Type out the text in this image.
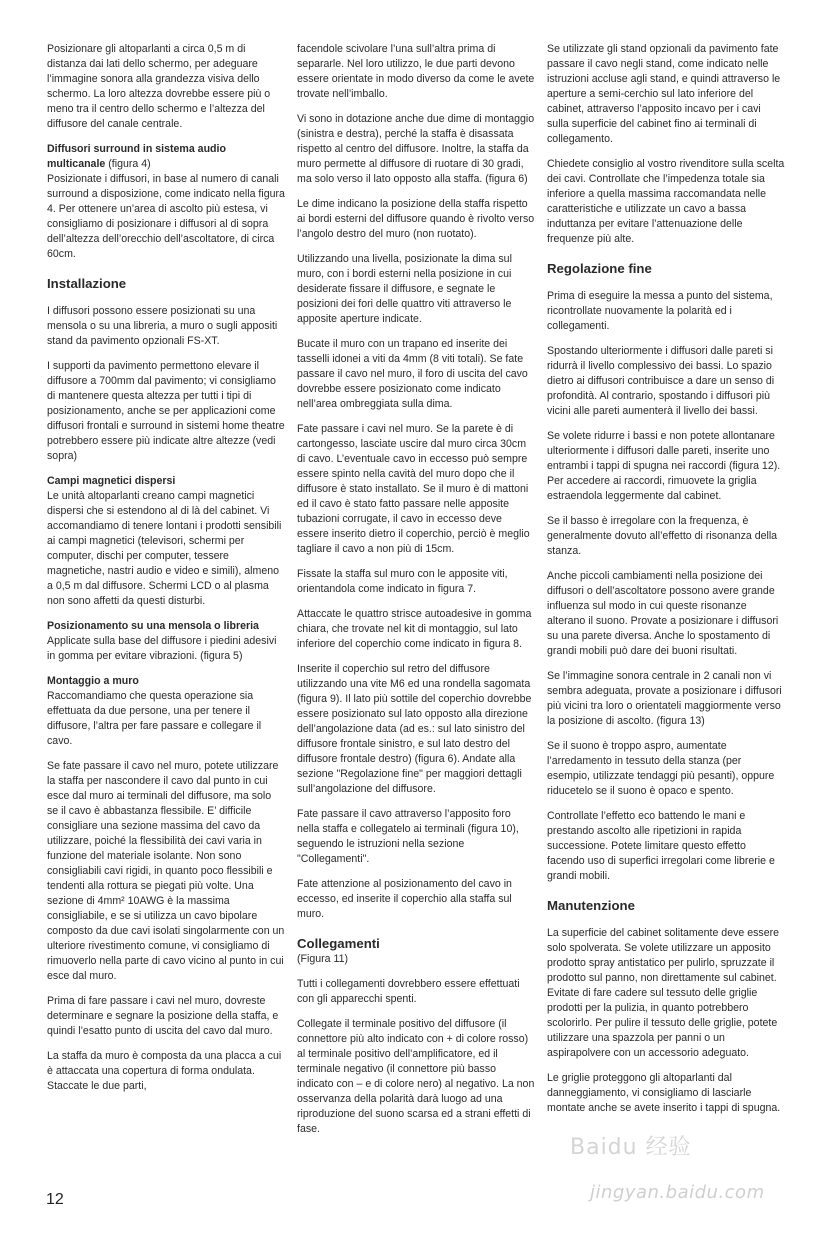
Posizionare gli altoparlanti a circa 0,5 m di distanza dai lati dello schermo, per adeguare l’immagine sonora alla grandezza visiva dello schermo. La loro altezza dovrebbe essere più o meno tra il centro dello schermo e l’altezza del diffusore del canale centrale.

Diffusori surround in sistema audio multicanale (figura 4)

Posizionate i diffusori, in base al numero di canali surround a disposizione, come indicato nella figura 4. Per ottenere un’area di ascolto più estesa, vi consigliamo di posizionare i diffusori al di sopra dell’altezza dell’orecchio dell’ascoltatore, di circa 60cm.

Installazione

I diffusori possono essere posizionati su una mensola o su una libreria, a muro o sugli appositi stand da pavimento opzionali FS-XT.

I supporti da pavimento permettono elevare il diffusore a 700mm dal pavimento; vi consigliamo di mantenere questa altezza per tutti i tipi di posizionamento, anche se per applicazioni come diffusori frontali e surround in sistemi home theatre potrebbero essere più indicate altre altezze (vedi sopra)

Campi magnetici dispersi

Le unità altoparlanti creano campi magnetici dispersi che si estendono al di là del cabinet. Vi accomandiamo di tenere lontani i prodotti sensibili ai campi magnetici (televisori, schermi per computer, dischi per computer, tessere magnetiche, nastri audio e video e simili), almeno a 0,5 m dal diffusore. Schermi LCD o al plasma non sono affetti da questi disturbi.

Posizionamento su una mensola o libreria

Applicate sulla base del diffusore i piedini adesivi in gomma per evitare vibrazioni. (figura 5)

Montaggio a muro

Raccomandiamo che questa operazione sia effettuata da due persone, una per tenere il diffusore, l’altra per fare passare e collegare il cavo.

Se fate passare il cavo nel muro, potete utilizzare la staffa per nascondere il cavo dal punto in cui esce dal muro ai terminali del diffusore, ma solo se il cavo è abbastanza flessibile. E’ difficile consigliare una sezione massima del cavo da utilizzare, poiché la flessibilità dei cavi varia in funzione del materiale isolante. Non sono consigliabili cavi rigidi, in quanto poco flessibili e tendenti alla rottura se piegati più volte. Una sezione di 4mm² 10AWG è la massima consigliabile, e se si utilizza un cavo bipolare composto da due cavi isolati singolarmente con un ulteriore rivestimento comune, vi consigliamo di rimuoverlo nella parte di cavo vicino al punto in cui esce dal muro.

Prima di fare passare i cavi nel muro, dovreste determinare e segnare la posizione della staffa, e quindi l’esatto punto di uscita del cavo dal muro.

La staffa da muro è composta da una placca a cui è attaccata una copertura di forma ondulata. Staccate le due parti,

facendole scivolare l’una sull’altra prima di separarle. Nel loro utilizzo, le due parti devono essere orientate in modo diverso da come le avete trovate nell’imballo.

Vi sono in dotazione anche due dime di montaggio (sinistra e destra), perché la staffa è disassata rispetto al centro del diffusore. Inoltre, la staffa da muro permette al diffusore di ruotare di 30 gradi, ma solo verso il lato opposto alla staffa. (figura 6)

Le dime indicano la posizione della staffa rispetto ai bordi esterni del diffusore quando è rivolto verso l’angolo destro del muro (non ruotato).

Utilizzando una livella, posizionate la dima sul muro, con i bordi esterni nella posizione in cui desiderate fissare il diffusore, e segnate le posizioni dei fori delle quattro viti attraverso le apposite aperture indicate.

Bucate il muro con un trapano ed inserite dei tasselli idonei a viti da 4mm (8 viti totali). Se fate passare il cavo nel muro, il foro di uscita del cavo dovrebbe essere posizionato come indicato nell’area ombreggiata sulla dima.

Fate passare i cavi nel muro. Se la parete è di cartongesso, lasciate uscire dal muro circa 30cm di cavo. L’eventuale cavo in eccesso può sempre essere spinto nella cavità del muro dopo che il diffusore è stato installato. Se il muro è di mattoni ed il cavo è stato fatto passare nelle apposite tubazioni corrugate, il cavo in eccesso deve essere inserito dietro il coperchio, perciò è meglio tagliare il cavo a non più di 15cm.

Fissate la staffa sul muro con le apposite viti, orientandola come indicato in figura 7.

Attaccate le quattro strisce autoadesive in gomma chiara, che trovate nel kit di montaggio, sul lato inferiore del coperchio come indicato in figura 8.

Inserite il coperchio sul retro del diffusore utilizzando una vite M6 ed una rondella sagomata (figura 9). Il lato più sottile del coperchio dovrebbe essere posizionato sul lato opposto alla direzione dell’angolazione data (ad es.: sul lato sinistro del diffusore frontale sinistro, e sul lato destro del diffusore frontale destro) (figura 6). Andate alla sezione "Regolazione fine" per maggiori dettagli sull’angolazione del diffusore.

Fate passare il cavo attraverso l’apposito foro nella staffa e collegatelo ai terminali (figura 10), seguendo le istruzioni nella sezione "Collegamenti".

Fate attenzione al posizionamento del cavo in eccesso, ed inserite il coperchio alla staffa sul muro.

Collegamenti

(Figura 11)

Tutti i collegamenti dovrebbero essere effettuati con gli apparecchi spenti.

Collegate il terminale positivo del diffusore (il connettore più alto indicato con + di colore rosso) al terminale positivo dell’amplificatore, ed il terminale negativo (il connettore più basso indicato con – e di colore nero) al negativo. La non osservanza della polarità darà luogo ad una riproduzione del suono scarsa ed a strani effetti di fase.

Se utilizzate gli stand opzionali da pavimento fate passare il cavo negli stand, come indicato nelle istruzioni accluse agli stand, e quindi attraverso le aperture a semi-cerchio sul lato inferiore del cabinet, attraverso l’apposito incavo per i cavi sulla superficie del cabinet fino ai terminali di collegamento.

Chiedete consiglio al vostro rivenditore sulla scelta dei cavi. Controllate che l’impedenza totale sia inferiore a quella massima raccomandata nelle caratteristiche e utilizzate un cavo a bassa induttanza per evitare l’attenuazione delle frequenze più alte.

Regolazione fine

Prima di eseguire la messa a punto del sistema, ricontrollate nuovamente la polarità ed i collegamenti.

Spostando ulteriormente i diffusori dalle pareti si ridurrà il livello complessivo dei bassi. Lo spazio dietro ai diffusori contribuisce a dare un senso di profondità. Al contrario, spostando i diffusori più vicini alle pareti aumenterà il livello dei bassi.

Se volete ridurre i bassi e non potete allontanare ulteriormente i diffusori dalle pareti, inserite uno entrambi i tappi di spugna nei raccordi (figura 12). Per accedere ai raccordi, rimuovete la griglia estraendola leggermente dal cabinet.

Se il basso è irregolare con la frequenza, è generalmente dovuto all’effetto di risonanza della stanza.

Anche piccoli cambiamenti nella posizione dei diffusori o dell’ascoltatore possono avere grande influenza sul modo in cui queste risonanze alterano il suono. Provate a posizionare i diffusori su una parete diversa. Anche lo spostamento di grandi mobili può dare dei buoni risultati.

Se l’immagine sonora centrale in 2 canali non vi sembra adeguata, provate a posizionare i diffusori più vicini tra loro o orientateli maggiormente verso la posizione di ascolto. (figura 13)

Se il suono è troppo aspro, aumentate l’arredamento in tessuto della stanza (per esempio, utilizzate tendaggi più pesanti), oppure riducetelo se il suono è opaco e spento.

Controllate l’effetto eco battendo le mani e prestando ascolto alle ripetizioni in rapida successione. Potete limitare questo effetto facendo uso di superfici irregolari come librerie e grandi mobili.

Manutenzione

La superficie del cabinet solitamente deve essere solo spolverata. Se volete utilizzare un apposito prodotto spray antistatico per pulirlo, spruzzate il prodotto sul panno, non direttamente sul cabinet. Evitate di fare cadere sul tessuto delle griglie prodotti per la pulizia, in quanto potrebbero scolorirlo. Per pulire il tessuto delle griglie, potete utilizzare una spazzola per panni o un aspirapolvere con un accessorio adeguato.

Le griglie proteggono gli altoparlanti dal danneggiamento, vi consigliamo di lasciarle montate anche se avete inserito i tappi di spugna.

12
Baidu 经验
jingyan.baidu.com
